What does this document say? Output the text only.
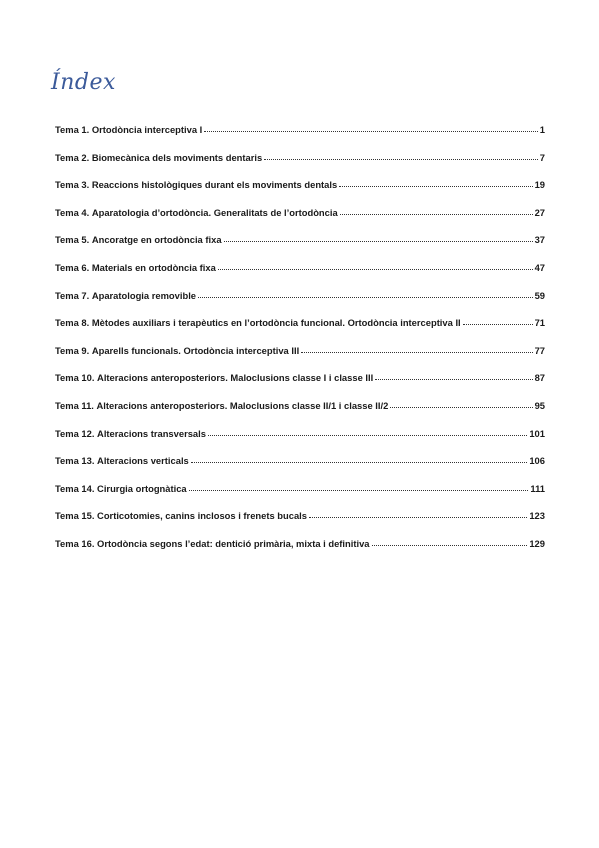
Índex
Tema 1. Ortodòncia interceptiva I	1
Tema 2. Biomecànica dels moviments dentaris	7
Tema 3. Reaccions histològiques durant els moviments dentals	19
Tema 4. Aparatologia d’ortodòncia. Generalitats de l’ortodòncia	27
Tema 5. Ancoratge en ortodòncia fixa	37
Tema 6. Materials en ortodòncia fixa	47
Tema 7. Aparatologia removible	59
Tema 8. Mètodes auxiliars i terapèutics en l’ortodòncia funcional. Ortodòncia interceptiva II	71
Tema 9. Aparells funcionals. Ortodòncia interceptiva III	77
Tema 10. Alteracions anteroposteriors. Maloclusions classe I i classe III	87
Tema 11. Alteracions anteroposteriors. Maloclusions classe II/1 i classe II/2	95
Tema 12. Alteracions transversals	101
Tema 13. Alteracions verticals	106
Tema 14. Cirurgia ortognàtica	111
Tema 15. Corticotomies, canins inclosos i frenets bucals	123
Tema 16. Ortodòncia segons l’edat: dentició primària, mixta i definitiva	129
